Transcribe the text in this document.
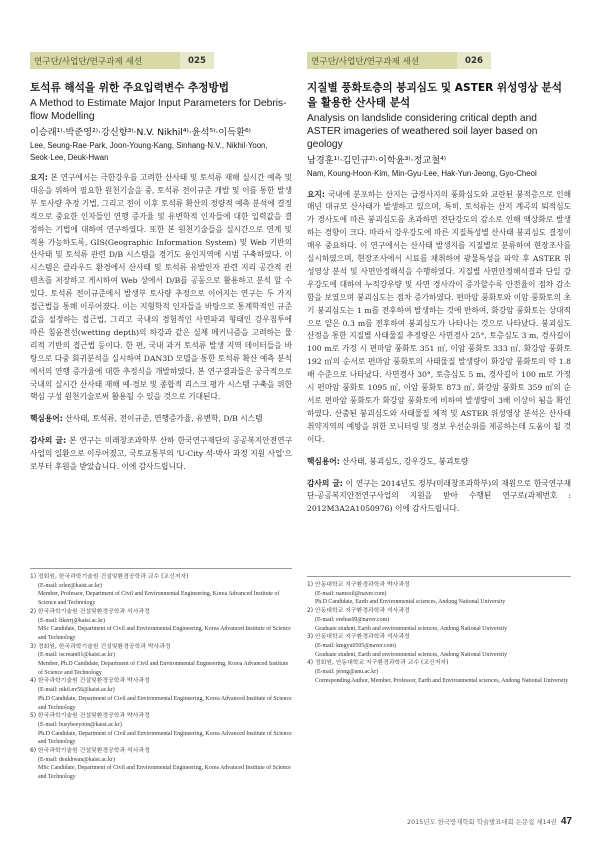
연구단/사업단/연구과제 세션	025
토석류 해석을 위한 주요입력변수 추정방법
A Method to Estimate Major Input Parameters for Debris-flow Modelling
이승래¹⁾·박준영²⁾·강신향³⁾·N.V. Nikhil⁴⁾·윤석⁵⁾·이득환⁶⁾
Lee, Seung-Rae·Park, Joon-Young·Kang, Sinhang·N.V., Nikhil·Yoon, Seok·Lee, Deuk-Hwan

요지: 본 연구에서는 극한강우를 고려한 산사태 및 토석류 재해 실시간 예측 및 대응을 위하여 필요한 원천기술을 중, 토석류 전이규준 개발 및 이를 통한 발생부 토사량 추정 기법, 그리고 전이 이후 토석류 확산의 정량적 예측 분석에 결정적으로 중요한 인자들인 연행 증가율 및 유변학적 인자들에 대한 입력값을 결정하는 기법에 대하여 연구하였다. 또한 본 원천기술들을 실시간으로 연계 및 적용 가능하도록, GIS(Geographic Information System) 및 Web 기반의 산사태 및 토석류 관련 D/B 시스템을 경기도 용인지역에 시범 구축하였다. 이 시스템은 클라우드 환경에서 산사태 및 토석류 유발인자 관련 지리 공간적 컨텐츠를 저장하고 게시하여 Web 상에서 D/B를 공동으로 활용하고 분석 할 수 있다. 토석류 전이규준에서 발생부 토사량 추정으로 이어지는 연구는 두 가지 접근법을 통해 이루어졌다. 이는 지형학적 인자들을 바탕으로 통계학적인 규준값을 설정하는 접근법, 그리고 국내의 경험적인 사면파괴 형태인 강우침투에 따른 침윤전선(wetting depth)의 하강과 같은 실제 메커니즘을 고려하는 물리적 기반의 접근법 등이다. 한 편, 국내 과거 토석류 발생 지역 데이터들을 바탕으로 다중 회귀분석을 실시하여 DAN3D 모델을 통한 토석류 확산 예측 분석에서의 연행 증가율에 대한 추정식을 개발하였다. 본 연구결과들은 궁극적으로 국내의 실시간 산사태 재해 예·경보 및 종합적 리스크 평가 시스템 구축을 위한 핵심 구성 원천기술로써 활용될 수 있을 것으로 기대된다.

핵심용어: 산사태, 토석류, 전이규준, 연행증가율, 유변학, D/B 시스템

감사의 글: 본 연구는 미래창조과학부 산하 한국연구재단의 공공복지안전연구사업의 일환으로 이루어졌고, 국토교통부의 'U-City 석·박사 과정 지원 사업'으로부터 후원을 받았습니다. 이에 감사드립니다.

1) 정회원, 한국과학기술원 건설및환경공학과 교수 (교신저자)
(E-mail: srlee@kaist.ac.kr)
Member, Professor, Department of Civil and Environmental Engineering, Korea Advanced Institute of Science and Technology
2) 한국과학기술원 건설및환경공학과 석사과정
(E-mail: likerrj@kaist.ac.kr)
MSc Candidate, Department of Civil and Environmental Engineering, Korea Advanced Institute of Science and Technology
3) 정회원, 한국과학기술원 건설및환경공학과 박사과정
(E-mail: iscream01@kaist.ac.kr)
Member, Ph.D Candidate, Department of Civil and Environmental Engineering, Korea Advanced Institute of Science and Technology
4) 한국과학기술원 건설및환경공학과 박사과정
(E-mail: nikil.nv56@kaist.ac.kr)
Ph.D Candidate, Department of Civil and Environmental Engineering, Korea Advanced Institute of Science and Technology
5) 한국과학기술원 건설및환경공학과 박사과정
(E-mail: busybeeyoon@kaist.ac.kr)
Ph.D Candidate, Department of Civil and Environmental Engineering, Korea Advanced Institute of Science and Technology
6) 한국과학기술원 건설및환경공학과 석사과정
(E-mail: deukhwan@kaist.ac.kr)
MSc Candidate, Department of Civil and Environmental Engineering, Korea Advanced Institute of Science and Technology
연구단/사업단/연구과제 세션	026
지질별 풍화토층의 붕괴심도 및 ASTER 위성영상 분석을 활용한 산사태 분석
Analysis on landslide considering critical depth and ASTER imageries of weathered soil layer based on geology
남경훈¹⁾·김민규²⁾·이학윤³⁾·정교철⁴⁾
Nam, Koung-Hoon·Kim, Min-Gyu·Lee, Hak-Yun·Jeong, Gyo-Cheol

요지: 국내에 분포하는 산지는 급경사지의 풍화심도와 교란된 붕적층으로 인해 매년 대규모 산사태가 발생하고 있으며, 특히, 토석류는 산지 계곡의 퇴적심도가 경사도에 따른 붕괴심도를 초과하면 전단강도의 감소로 인해 액상화로 발생하는 경향이 크다. 따라서 강우강도에 따른 지질특성별 산사태 붕괴심도 결정이 매우 중요하다. 이 연구에서는 산사태 발생지를 지질별로 분류하여 현장조사를 실시하였으며, 현장조사에서 시료를 채취하여 광물특성을 파악 후 ASTER 위성영상 분석 및 사면안정해석을 수행하였다. 지질별 사면안정해석결과 단일 강우강도에 대하여 누적강우량 및 사면 경사각이 증가할수록 안전율이 점차 감소함을 보였으며 붕괴심도는 점차 증가하였다. 편마암 풍화토와 이암 풍화토의 초기 붕괴심도는 1 m를 전후하여 발생하는 것에 반하여, 화강암 풍화토는 상대적으로 얕은 0.3 m를 전후하여 붕괴심도가 나타나는 것으로 나타났다. 붕괴심도 산정을 통한 지질별 사태물질 추정량은 사면경사 25°, 토층심도 3 m, 경사길이 100 m로 가정 시 편마암 풍화토 351 ㎥, 이암 풍화토 333 ㎥, 화강암 풍화토 192 ㎥의 순서로 편마암 풍화토의 사태물질 발생량이 화강암 풍화토의 약 1.8 배 수준으로 나타났다. 사면경사 30°, 토층심도 5 m, 경사길이 100 m로 가정 시 편마암 풍화토 1095 ㎥, 이암 풍화토 873 ㎥, 화강암 풍화토 359 ㎥의 순서로 편마암 풍화토가 화강암 풍화토에 비하여 발생량이 3배 이상이 됨을 확인하였다. 산출된 붕괴심도와 사태물질 체적 및 ASTER 위성영상 분석은 산사태 취약지역의 예방을 위한 모니터링 및 경보 우선순위를 제공하는데 도움이 될 것이다.

핵심용어: 산사태, 붕괴심도, 강우강도, 붕괴토량

감사의 글: 이 연구는 2014년도 정부(미래창조과학부)의 재원으로 한국연구재단-공공복지안전연구사업의 지원을 받아 수행된 연구로(과제번호 : 2012M3A2A1050976) 이에 감사드립니다.

1) 안동대학교 지구환경과학과 박사과정
(E-mail: namsoil@naver.com)
Ph.D Candidate, Earth and Environmental sciences, Andong National University
2) 안동대학교 지구환경과학과 석사과정
(E-mail: erebus09@naver.com)
Graduate student, Earth and environmental sciences, Andong National University
3) 안동대학교 지구환경과학과 석사과정
(E-mail: kmgyu0505@naver.com)
Graduate student, Earth and environmental sciences, Andong National University
4) 정회원, 안동대학교 지구환경과학과 교수 (교신저자)
(E-mail: jeong@anu.ac.kr)
Corresponding Author, Member, Professor, Earth and Environmental sciences, Andong National University
2015년도 한국방재학회 학술발표대회 논문집 제14권 47
